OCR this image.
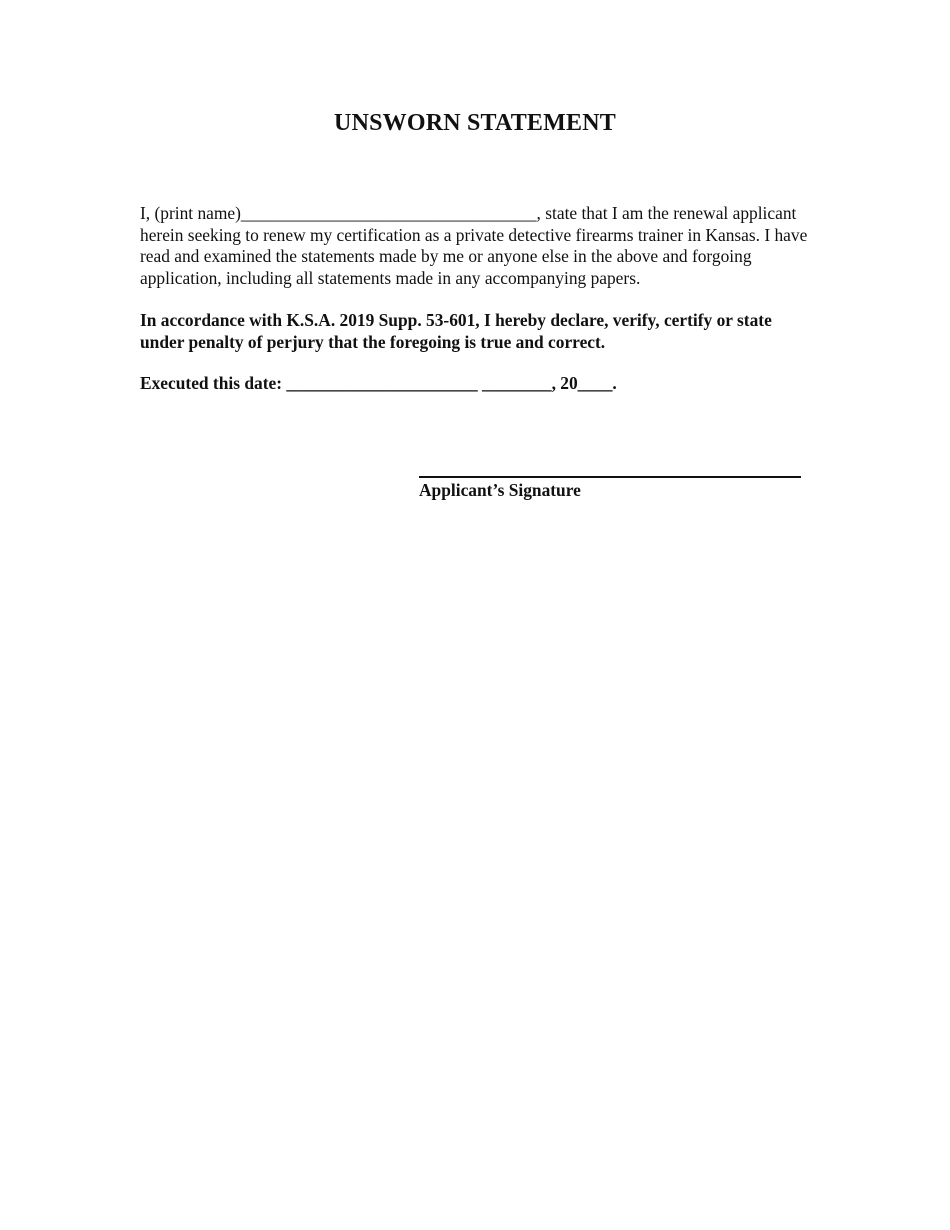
UNSWORN STATEMENT

I, (print name)__________________________________, state that I am the renewal applicant herein seeking to renew my certification as a private detective firearms trainer in Kansas. I have read and examined the statements made by me or anyone else in the above and forgoing application, including all statements made in any accompanying papers.

In accordance with K.S.A. 2019 Supp. 53-601, I hereby declare, verify, certify or state under penalty of perjury that the foregoing is true and correct.

Executed this date: ______________________ ________, 20____.

Applicant’s Signature
